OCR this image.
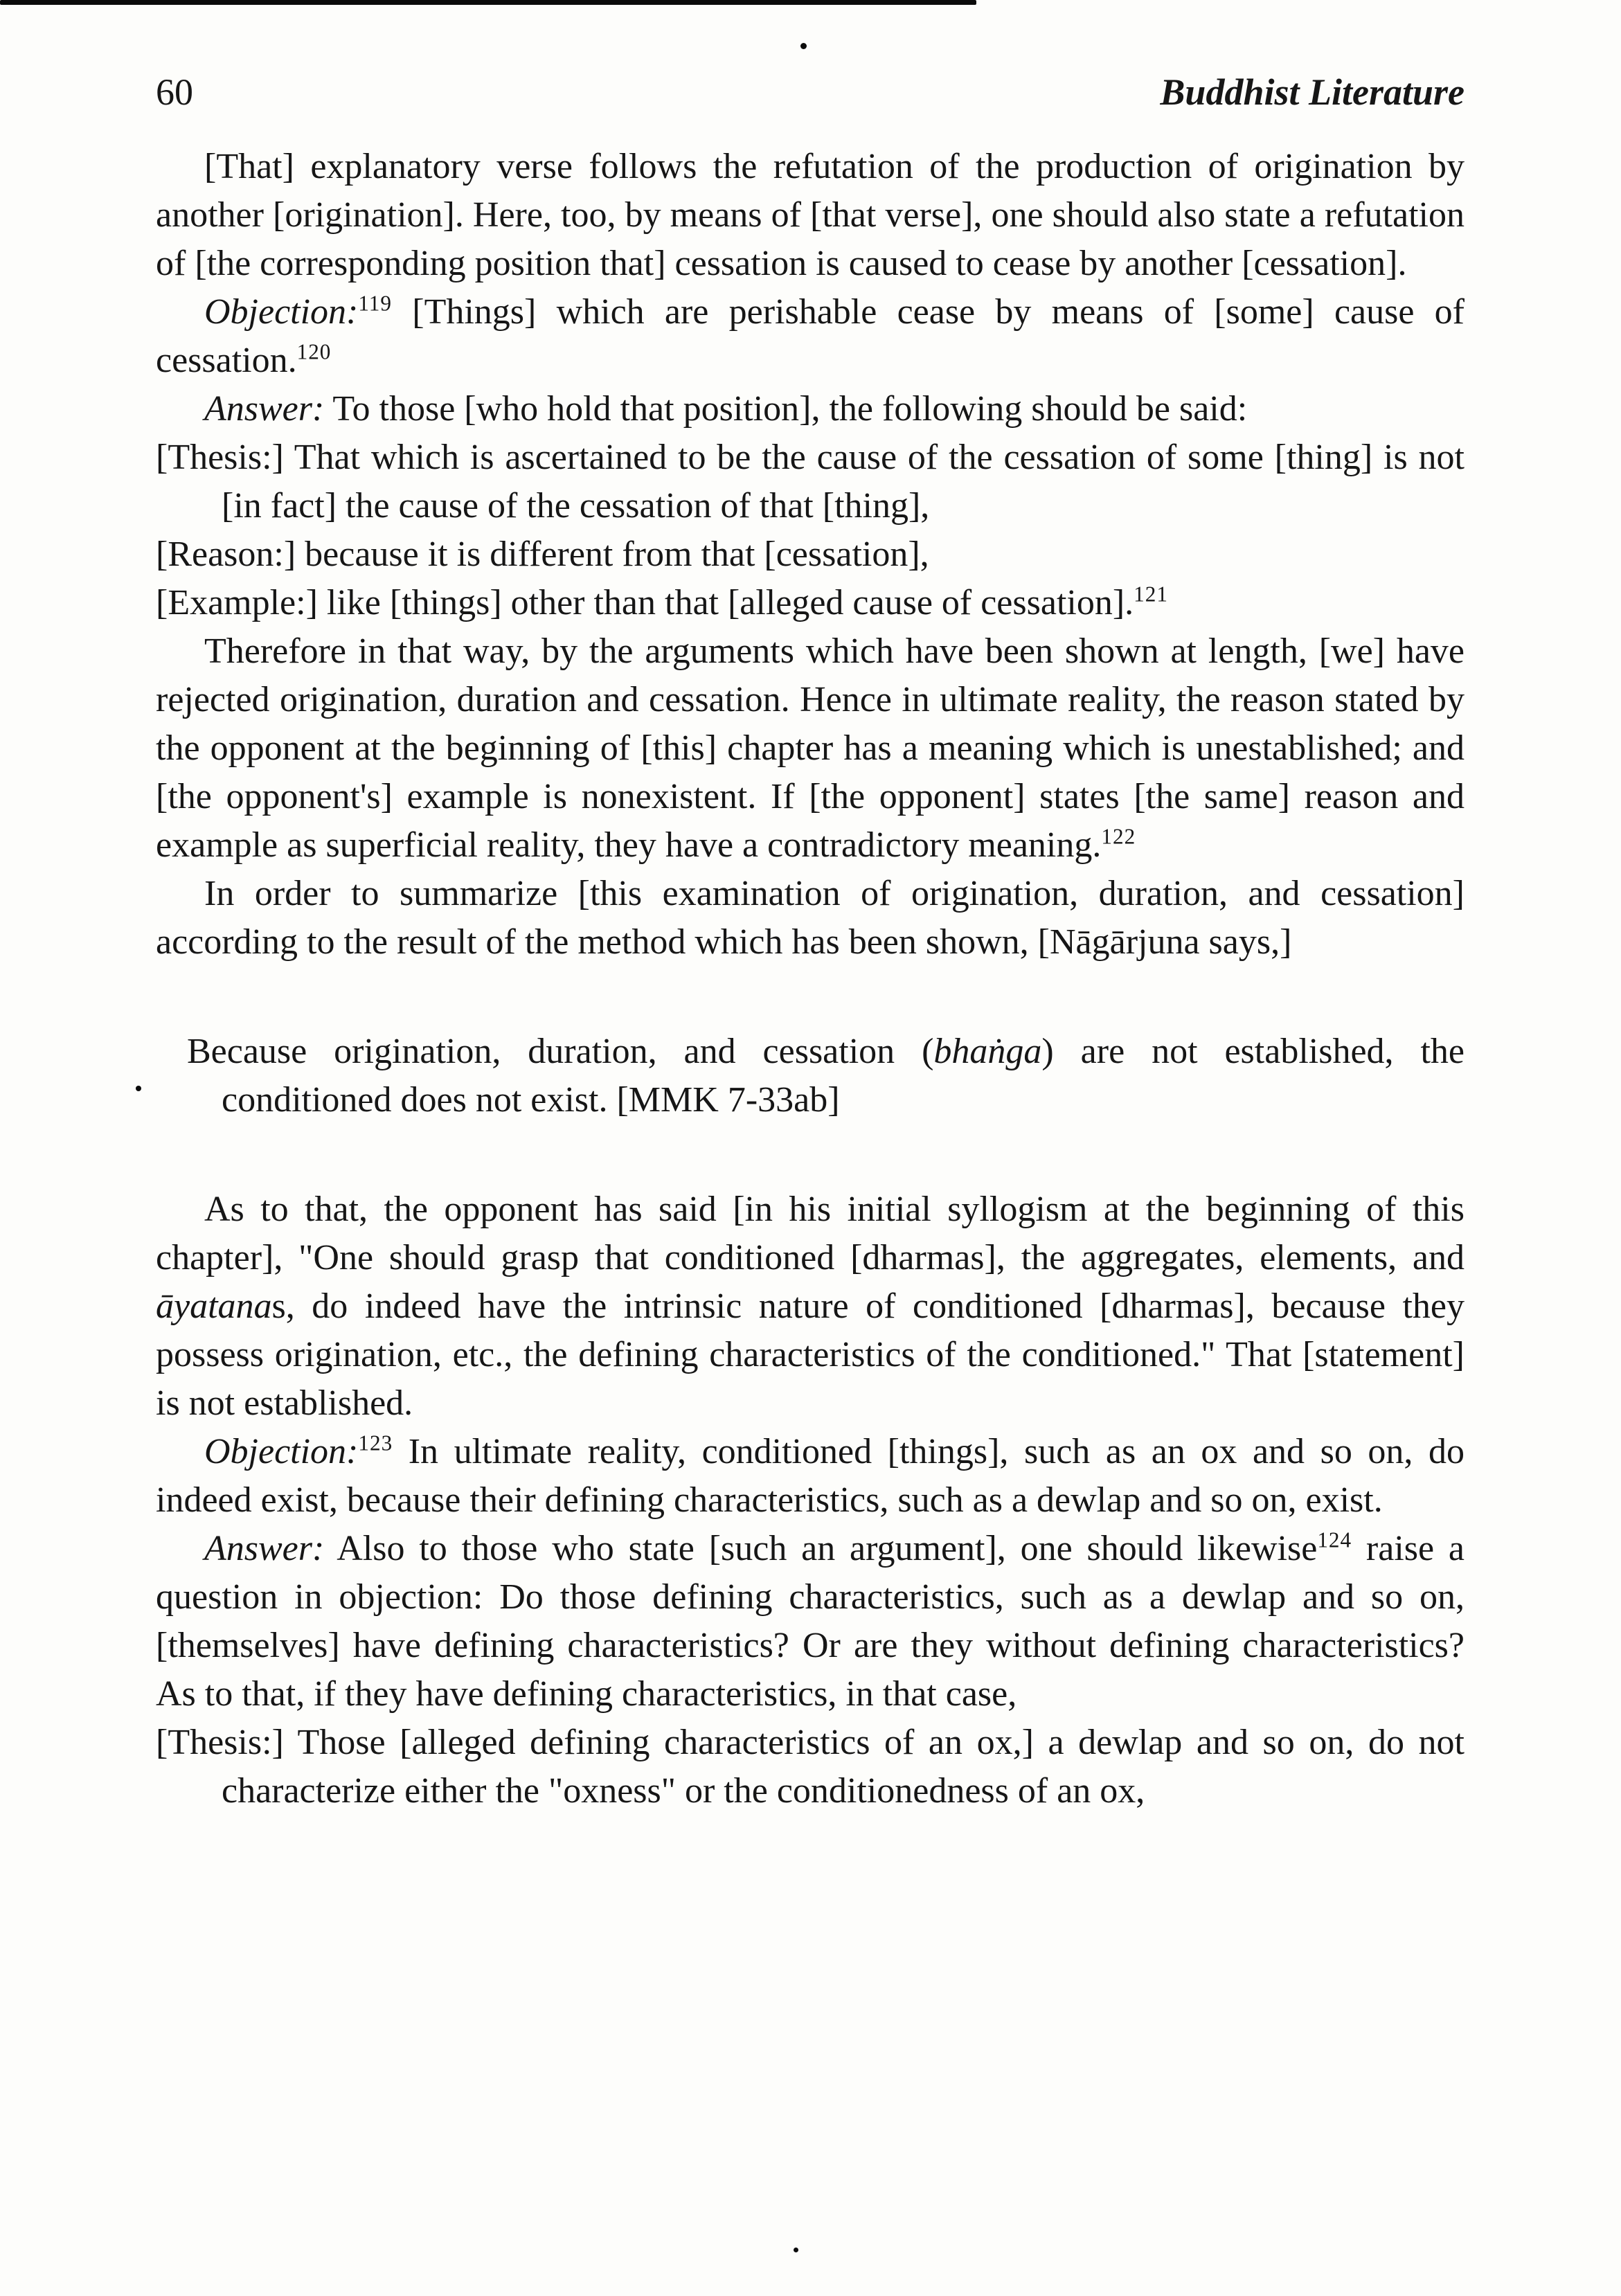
60	Buddhist Literature

[That] explanatory verse follows the refutation of the production of origination by another [origination]. Here, too, by means of [that verse], one should also state a refutation of [the corresponding position that] cessation is caused to cease by another [cessation].

Objection:$^{119}$ [Things] which are perishable cease by means of [some] cause of cessation.$^{120}$

Answer: To those [who hold that position], the following should be said:

[Thesis:] That which is ascertained to be the cause of the cessation of some [thing] is not [in fact] the cause of the cessation of that [thing],

[Reason:] because it is different from that [cessation],

[Example:] like [things] other than that [alleged cause of cessation].$^{121}$

Therefore in that way, by the arguments which have been shown at length, [we] have rejected origination, duration and cessation. Hence in ultimate reality, the reason stated by the opponent at the beginning of [this] chapter has a meaning which is unestablished; and [the opponent's] example is nonexistent. If [the opponent] states [the same] reason and example as superficial reality, they have a contradictory meaning.$^{122}$

In order to summarize [this examination of origination, duration, and cessation] according to the result of the method which has been shown, [Nāgārjuna says,]

Because origination, duration, and cessation (bhaṅga) are not established, the conditioned does not exist. [MMK 7-33ab]

As to that, the opponent has said [in his initial syllogism at the beginning of this chapter], "One should grasp that conditioned [dharmas], the aggregates, elements, and āyatanas, do indeed have the intrinsic nature of conditioned [dharmas], because they possess origination, etc., the defining characteristics of the conditioned." That [statement] is not established.

Objection:$^{123}$ In ultimate reality, conditioned [things], such as an ox and so on, do indeed exist, because their defining characteristics, such as a dewlap and so on, exist.

Answer: Also to those who state [such an argument], one should likewise$^{124}$ raise a question in objection: Do those defining characteristics, such as a dewlap and so on, [themselves] have defining characteristics? Or are they without defining characteristics? As to that, if they have defining characteristics, in that case,

[Thesis:] Those [alleged defining characteristics of an ox,] a dewlap and so on, do not characterize either the "oxness" or the conditionedness of an ox,
